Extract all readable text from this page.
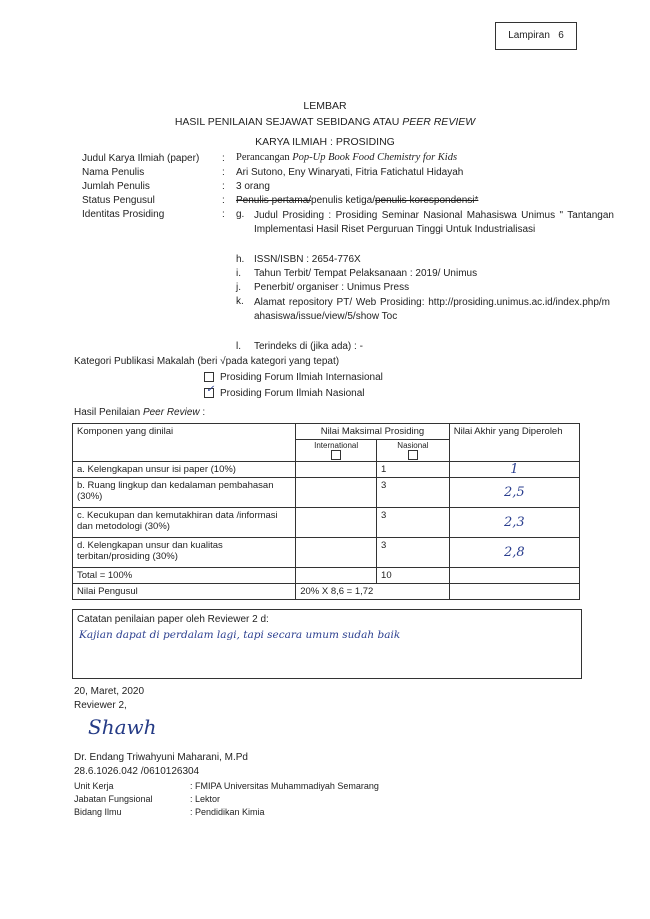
Lampiran 6
LEMBAR
HASIL PENILAIAN SEJAWAT SEBIDANG ATAU PEER REVIEW
KARYA ILMIAH : PROSIDING
Judul Karya Ilmiah (paper) : Perancangan Pop-Up Book Food Chemistry for Kids
Nama Penulis	: Ari Sutono, Eny Winaryati, Fitria Fatichatul Hidayah
Jumlah Penulis	: 3 orang
Status Pengusul	: Penulis pertama/penulis ketiga/penulis korespondensi*
Identitas Prosiding	: g. Judul Prosiding : Prosiding Seminar Nasional Mahasiswa Unimus " Tantangan Implementasi Hasil Riset Perguruan Tinggi Untuk Industrialisasi
h. ISSN/ISBN : 2654-776X
i. Tahun Terbit/ Tempat Pelaksanaan : 2019/ Unimus
j. Penerbit/ organiser : Unimus Press
k. Alamat repository PT/ Web Prosiding: http://prosiding.unimus.ac.id/index.php/mahasiswa/issue/view/5/show Toc
l. Terindeks di (jika ada) : -
Kategori Publikasi Makalah (beri √pada kategori yang tepat)
Prosiding Forum Ilmiah Internasional
✓ Prosiding Forum Ilmiah Nasional
Hasil Penilaian Peer Review :
Komponen yang dinilai	Nilai Maksimal Prosiding		Nilai Akhir yang Diperoleh

	International	Nasional	

a. Kelengkapan unsur isi paper (10%)		1	1
b. Ruang lingkup dan kedalaman pembahasan (30%)		3	2,5
c. Kecukupan dan kemutakhiran data /informasi dan metodologi (30%)		3	2,3
d. Kelengkapan unsur dan kualitas terbitan/prosiding (30%)		3	2,8
Total = 100%		10	
Nilai Pengusul	20% X 8,6 = 1,72		
Catatan penilaian paper oleh Reviewer 2 d:
Kajian dapat di perdalam lagi, tapi secara umum sudah baik
20, Maret, 2020
Reviewer 2,
Shawh
Dr. Endang Triwahyuni Maharani, M.Pd
28.6.1026.042 /0610126304
Unit Kerja	: FMIPA Universitas Muhammadiyah Semarang
Jabatan Fungsional	: Lektor
Bidang Ilmu	: Pendidikan Kimia
